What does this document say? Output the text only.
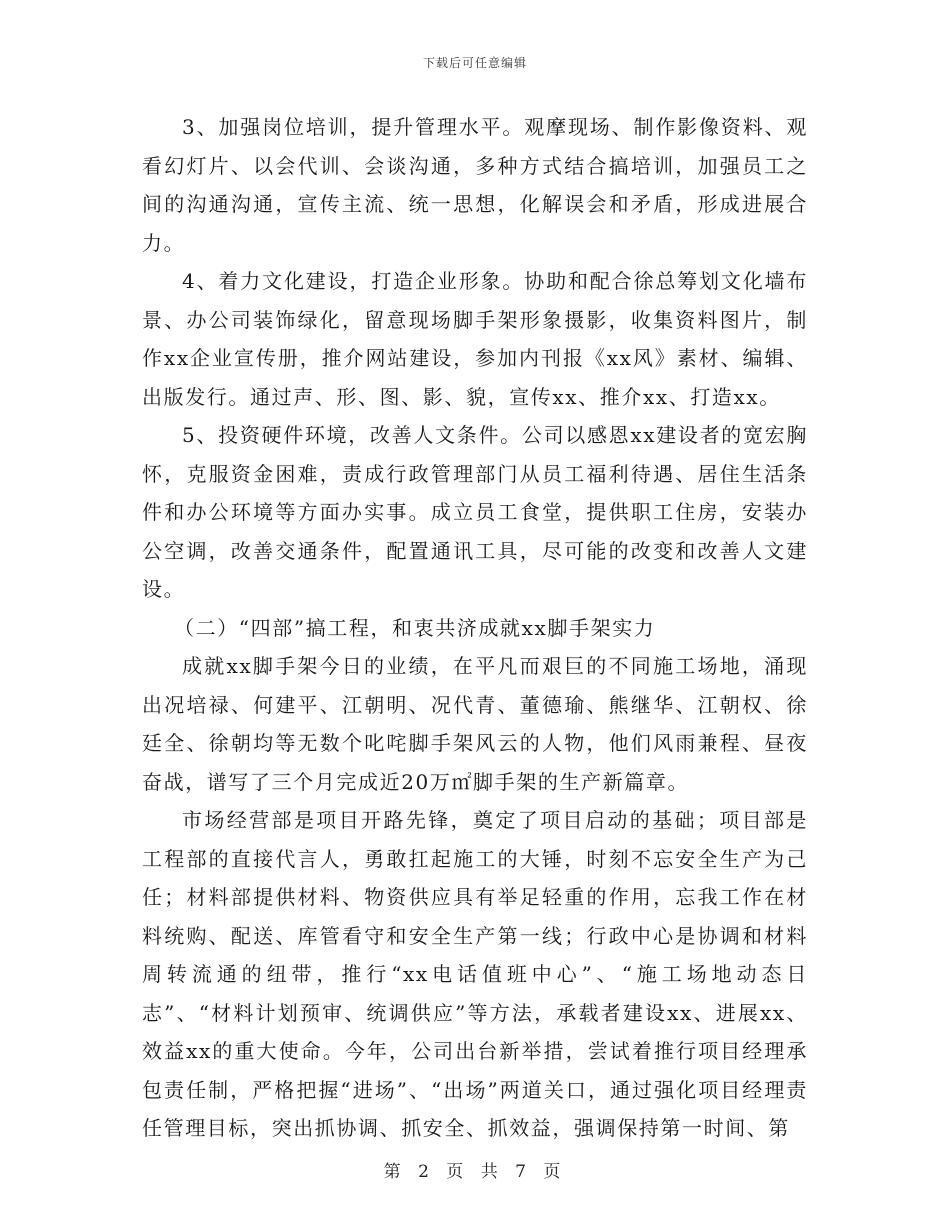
下载后可任意编辑

3、加强岗位培训，提升管理水平。观摩现场、制作影像资料、观看幻灯片、以会代训、会谈沟通，多种方式结合搞培训，加强员工之间的沟通沟通，宣传主流、统一思想，化解误会和矛盾，形成进展合力。

4、着力文化建设，打造企业形象。协助和配合徐总筹划文化墙布景、办公司装饰绿化，留意现场脚手架形象摄影，收集资料图片，制作xx企业宣传册，推介网站建设，参加内刊报《xx风》素材、编辑、出版发行。通过声、形、图、影、貌，宣传xx、推介xx、打造xx。

5、投资硬件环境，改善人文条件。公司以感恩xx建设者的宽宏胸怀，克服资金困难，责成行政管理部门从员工福利待遇、居住生活条件和办公环境等方面办实事。成立员工食堂，提供职工住房，安装办公空调，改善交通条件，配置通讯工具，尽可能的改变和改善人文建设。

（二）“四部”搞工程，和衷共济成就xx脚手架实力

成就xx脚手架今日的业绩，在平凡而艰巨的不同施工场地，涌现出况培禄、何建平、江朝明、况代青、董德瑜、熊继华、江朝权、徐廷全、徐朝均等无数个叱咤脚手架风云的人物，他们风雨兼程、昼夜奋战，谱写了三个月完成近20万㎡脚手架的生产新篇章。

市场经营部是项目开路先锋，奠定了项目启动的基础；项目部是工程部的直接代言人，勇敢扛起施工的大锤，时刻不忘安全生产为己任；材料部提供材料、物资供应具有举足轻重的作用，忘我工作在材料统购、配送、库管看守和安全生产第一线；行政中心是协调和材料周转流通的纽带，推行“xx电话值班中心”、“施工场地动态日志”、“材料计划预审、统调供应”等方法，承载者建设xx、进展xx、效益xx的重大使命。今年，公司出台新举措，尝试着推行项目经理承包责任制，严格把握“进场”、“出场”两道关口，通过强化项目经理责任管理目标，突出抓协调、抓安全、抓效益，强调保持第一时间、第

第 2 页 共 7 页
